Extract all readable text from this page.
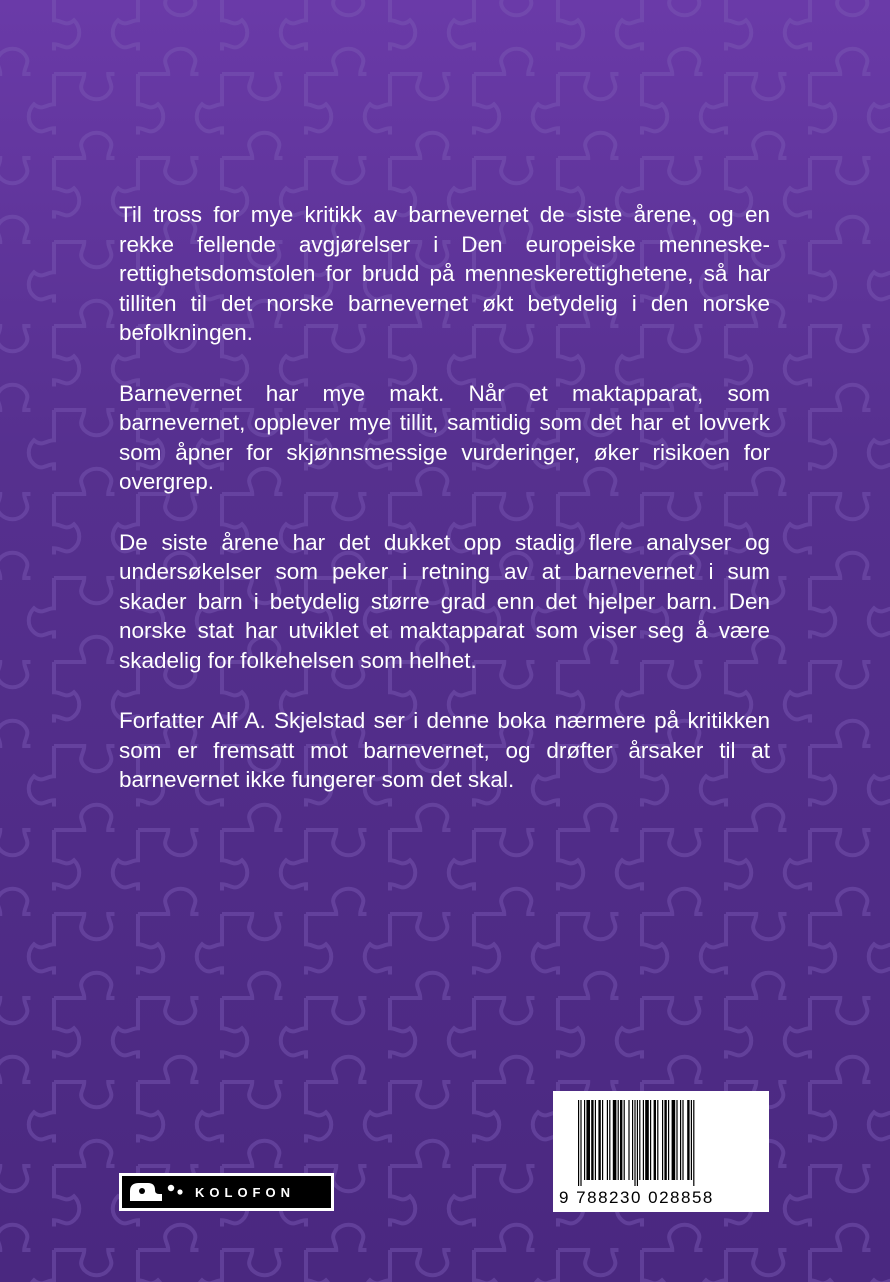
Til tross for mye kritikk av barnevernet de siste årene, og en rekke fellende avgjørelser i Den europeiske menneske-rettighetsdomstolen for brudd på menneskerettighetene, så har tilliten til det norske barnevernet økt betydelig i den norske befolkningen.

Barnevernet har mye makt. Når et maktapparat, som barnevernet, opplever mye tillit, samtidig som det har et lovverk som åpner for skjønnsmessige vurderinger, øker risikoen for overgrep.

De siste årene har det dukket opp stadig flere analyser og undersøkelser som peker i retning av at barnevernet i sum skader barn i betydelig større grad enn det hjelper barn. Den norske stat har utviklet et maktapparat som viser seg å være skadelig for folkehelsen som helhet.

Forfatter Alf A. Skjelstad ser i denne boka nærmere på kritikken som er fremsatt mot barnevernet, og drøfter årsaker til at barnevernet ikke fungerer som det skal.

KOLOFON	9 788230 028858
